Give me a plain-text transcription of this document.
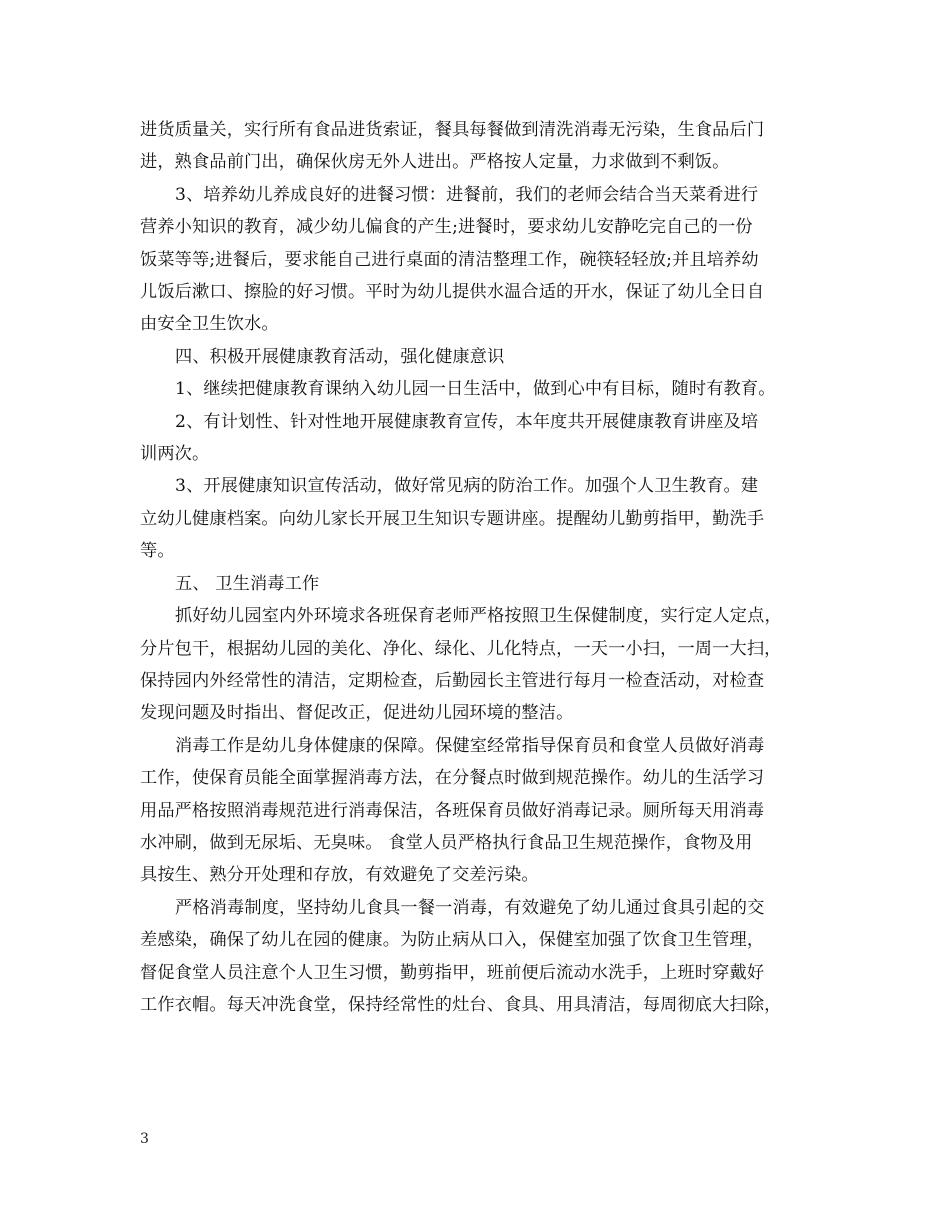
进货质量关，实行所有食品进货索证，餐具每餐做到清洗消毒无污染，生食品后门

进，熟食品前门出，确保伙房无外人进出。严格按人定量，力求做到不剩饭。

3、培养幼儿养成良好的进餐习惯：进餐前，我们的老师会结合当天菜肴进行

营养小知识的教育，减少幼儿偏食的产生;进餐时，要求幼儿安静吃完自己的一份

饭菜等等;进餐后，要求能自己进行桌面的清洁整理工作，碗筷轻轻放;并且培养幼

儿饭后漱口、擦脸的好习惯。平时为幼儿提供水温合适的开水，保证了幼儿全日自

由安全卫生饮水。

四、积极开展健康教育活动，强化健康意识

1、继续把健康教育课纳入幼儿园一日生活中，做到心中有目标，随时有教育。

2、有计划性、针对性地开展健康教育宣传，本年度共开展健康教育讲座及培

训两次。

3、开展健康知识宣传活动，做好常见病的防治工作。加强个人卫生教育。建

立幼儿健康档案。向幼儿家长开展卫生知识专题讲座。提醒幼儿勤剪指甲，勤洗手

等。

五、 卫生消毒工作

抓好幼儿园室内外环境求各班保育老师严格按照卫生保健制度，实行定人定点，

分片包干，根据幼儿园的美化、净化、绿化、儿化特点，一天一小扫，一周一大扫，

保持园内外经常性的清洁，定期检查，后勤园长主管进行每月一检查活动，对检查

发现问题及时指出、督促改正，促进幼儿园环境的整洁。

消毒工作是幼儿身体健康的保障。保健室经常指导保育员和食堂人员做好消毒

工作，使保育员能全面掌握消毒方法，在分餐点时做到规范操作。幼儿的生活学习

用品严格按照消毒规范进行消毒保洁，各班保育员做好消毒记录。厕所每天用消毒

水冲刷，做到无尿垢、无臭味。 食堂人员严格执行食品卫生规范操作，食物及用

具按生、熟分开处理和存放，有效避免了交差污染。

严格消毒制度，坚持幼儿食具一餐一消毒，有效避免了幼儿通过食具引起的交

差感染，确保了幼儿在园的健康。为防止病从口入，保健室加强了饮食卫生管理，

督促食堂人员注意个人卫生习惯，勤剪指甲，班前便后流动水洗手，上班时穿戴好

工作衣帽。每天冲洗食堂，保持经常性的灶台、食具、用具清洁，每周彻底大扫除，

3
